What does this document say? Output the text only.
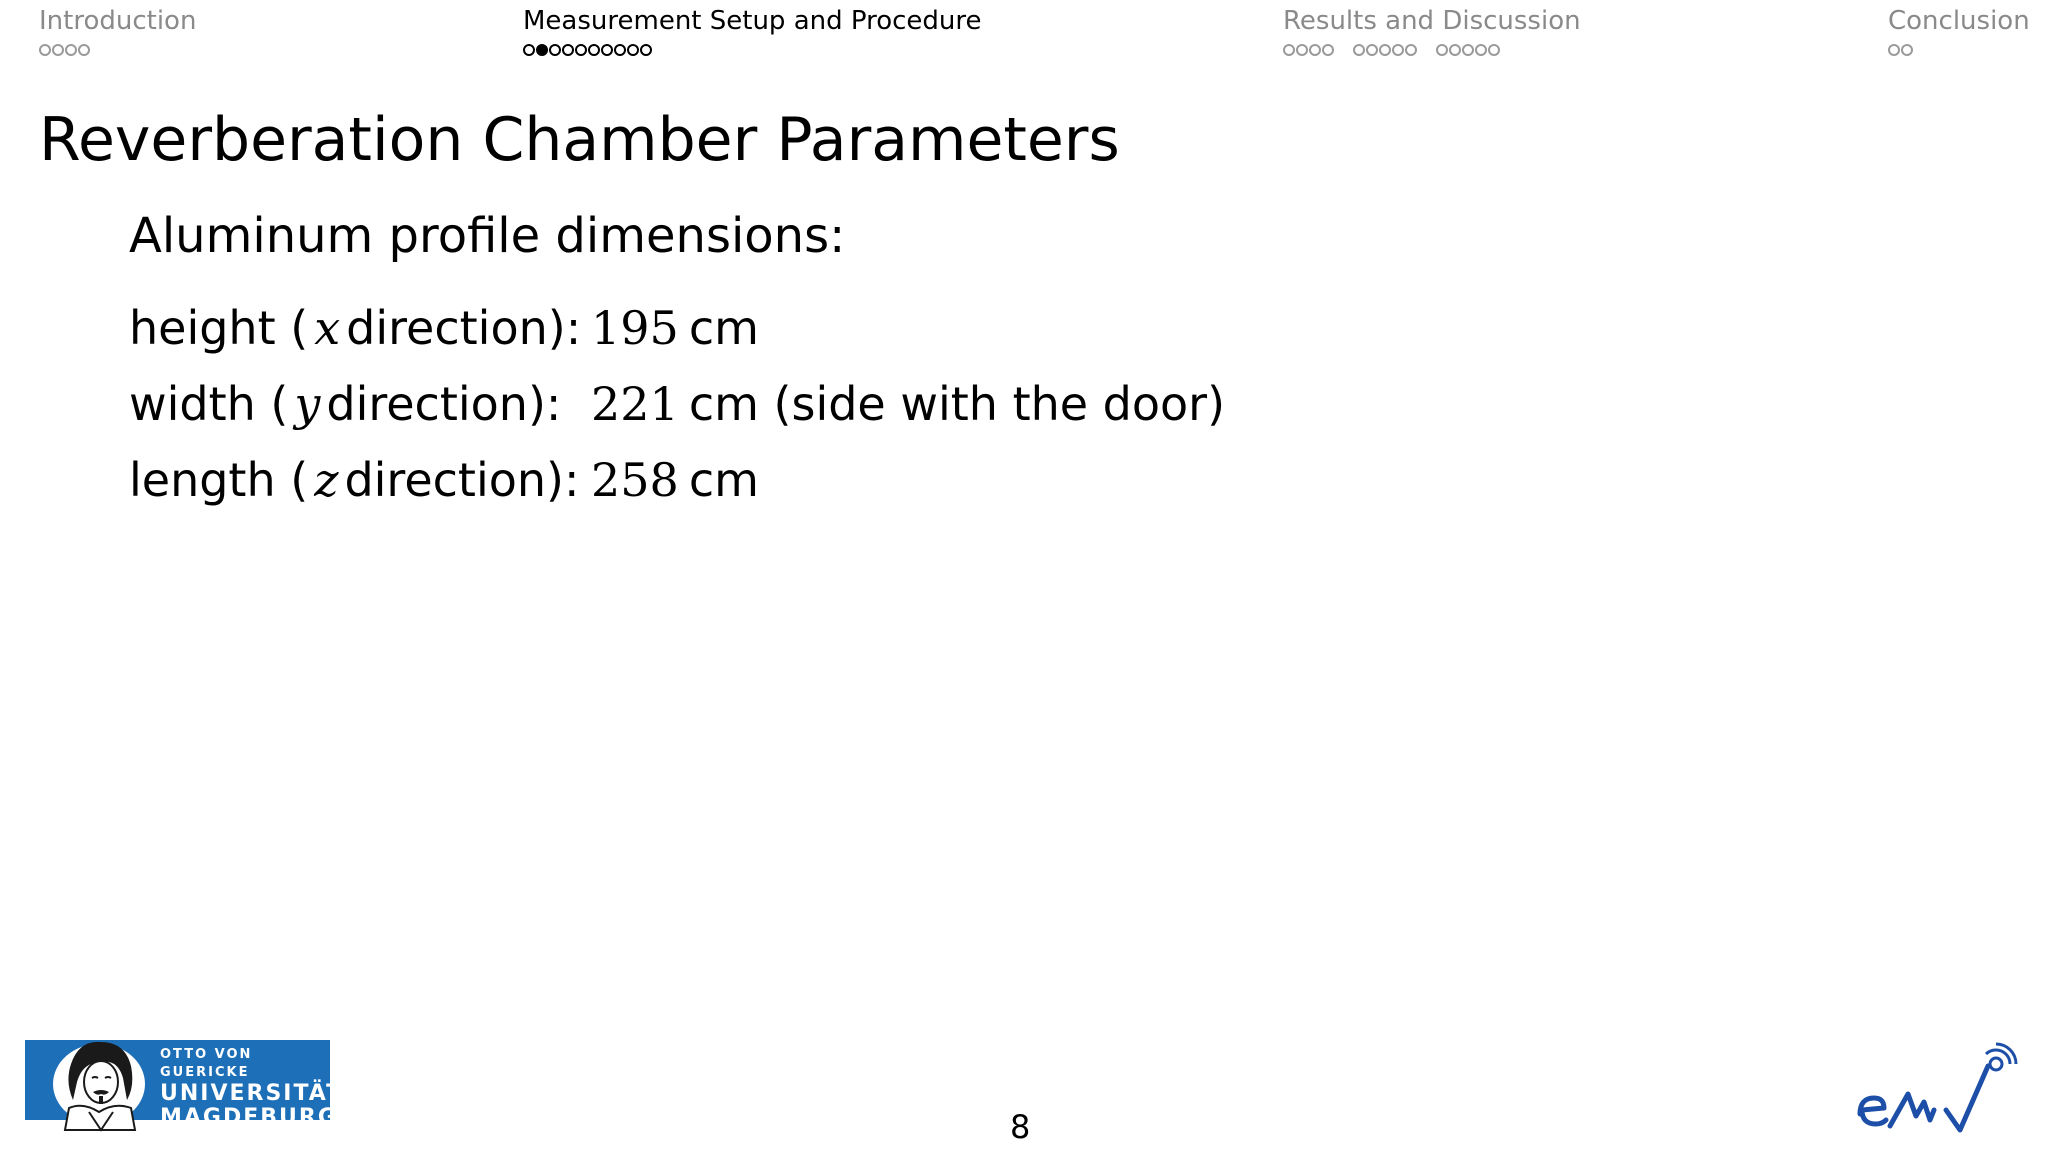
Introduction	Measurement Setup and Procedure	Results and Discussion	Conclusion
Reverberation Chamber Parameters
Aluminum profile dimensions:
height ( x direction): 195 cm
width ( y direction): 221 cm (side with the door)
length ( z direction): 258 cm
OTTO VON GUERICKE
UNIVERSITÄT
MAGDEBURG	8
